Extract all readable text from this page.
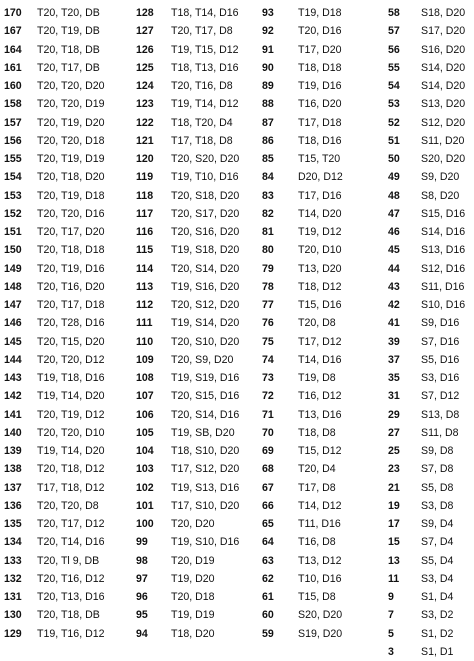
170 T20, T20, DB
167 T20, T19, DB
164 T20, T18, DB
161 T20, T17, DB
160 T20, T20, D20
158 T20, T20, D19
157 T20, T19, D20
156 T20, T20, D18
155 T20, T19, D19
154 T20, T18, D20
153 T20, T19, D18
152 T20, T20, D16
151 T20, T17, D20
150 T20, T18, D18
149 T20, T19, D16
148 T20, T16, D20
147 T20, T17, D18
146 T20, T28, D16
145 T20, T15, D20
144 T20, T20, D12
143 T19, T18, D16
142 T19, T14, D20
141 T20, T19, D12
140 T20, T20, D10
139 T19, T14, D20
138 T20, T18, D12
137 T17, T18, D12
136 T20, T20, D8
135 T20, T17, D12
134 T20, T14, D16
133 T20, Tl 9, DB
132 T20, T16, D12
131 T20, T13, D16
130 T20, T18, DB
129 T19, T16, D12
128 T18, T14, D16
127 T20, T17, D8
126 T19, T15, D12
125 T18, T13, D16
124 T20, T16, D8
123 T19, T14, D12
122 T18, T20, D4
121 T17, T18, D8
120 T20, S20, D20
119 T19, T10, D16
118 T20, S18, D20
117 T20, S17, D20
116 T20, S16, D20
115 T19, S18, D20
114 T20, S14, D20
113 T19, S16, D20
112 T20, S12, D20
111 T19, S14, D20
110 T20, S10, D20
109 T20, S9, D20
108 T19, S19, D16
107 T20, S15, D16
106 T20, S14, D16
105 T19, SB, D20
104 T18, S10, D20
103 T17, S12, D20
102 T19, S13, D16
101 T17, S10, D20
100 T20, D20
99 T19, S10, D16
98 T20, D19
97 T19, D20
96 T20, D18
95 T19, D19
94 T18, D20
93 T19, D18
92 T20, D16
91 T17, D20
90 T18, D18
89 T19, D16
88 T16, D20
87 T17, D18
86 T18, D16
85 T15, T20
84 D20, D12
83 T17, D16
82 T14, D20
81 T19, D12
80 T20, D10
79 T13, D20
78 T18, D12
77 T15, D16
76 T20, D8
75 T17, D12
74 T14, D16
73 T19, D8
72 T16, D12
71 T13, D16
70 T18, D8
69 T15, D12
68 T20, D4
67 T17, D8
66 T14, D12
65 T11, D16
64 T16, D8
63 T13, D12
62 T10, D16
61 T15, D8
60 S20, D20
59 S19, D20
58 S18, D20
57 S17, D20
56 S16, D20
55 S14, D20
54 S14, D20
53 S13, D20
52 S12, D20
51 S11, D20
50 S20, D20
49 S9, D20
48 S8, D20
47 S15, D16
46 S14, D16
45 S13, D16
44 S12, D16
43 S11, D16
42 S10, D16
41 S9, D16
39 S7, D16
37 S5, D16
35 S3, D16
31 S7, D12
29 S13, D8
27 S11, D8
25 S9, D8
23 S7, D8
21 S5, D8
19 S3, D8
17 S9, D4
15 S7, D4
13 S5, D4
11 S3, D4
9	S1, D4
7	S3, D2
5	S1, D2
3	S1, D1
